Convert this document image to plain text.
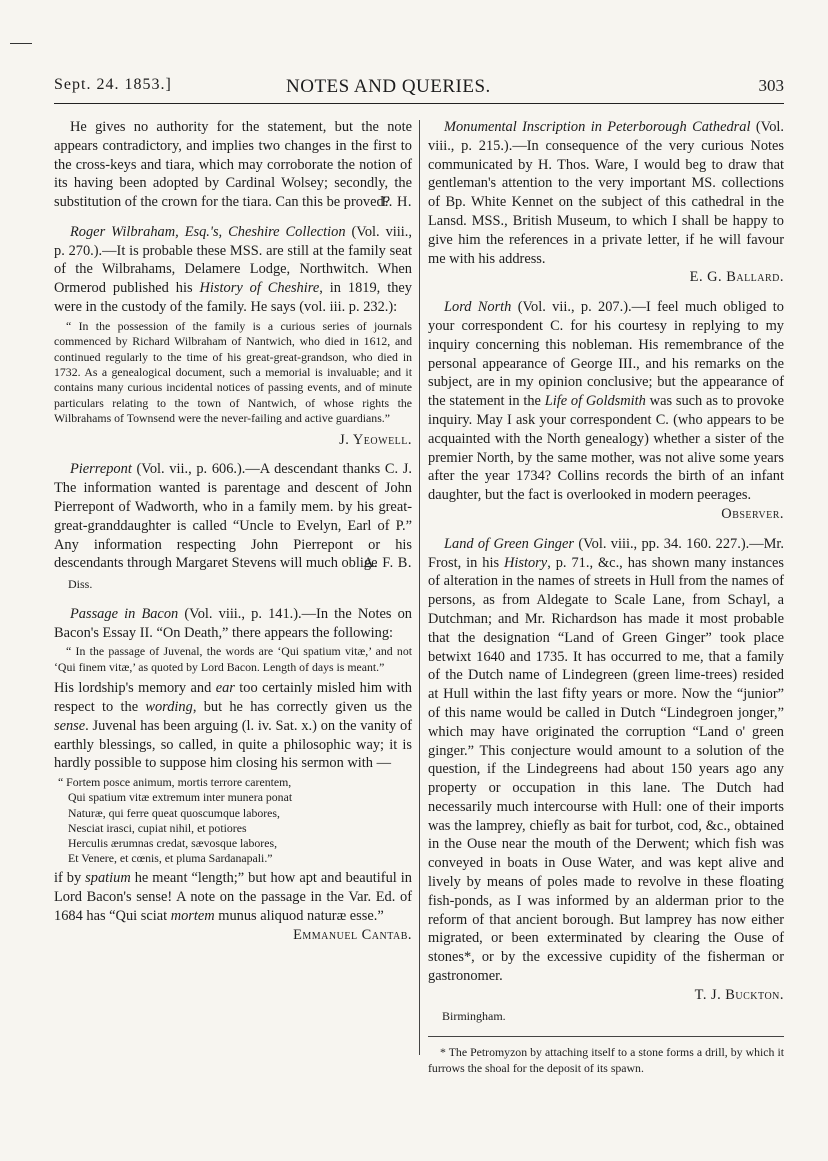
Sept. 24. 1853.]	NOTES AND QUERIES.	303

He gives no authority for the statement, but the note appears contradictory, and implies two changes in the first to the cross-keys and tiara, which may corroborate the notion of its having been adopted by Cardinal Wolsey; secondly, the substitution of the crown for the tiara. Can this be proved?

F. H.

Roger Wilbraham, Esq.'s, Cheshire Collection (Vol. viii., p. 270.).—It is probable these MSS. are still at the family seat of the Wilbrahams, Delamere Lodge, Northwitch. When Ormerod published his History of Cheshire, in 1819, they were in the custody of the family. He says (vol. iii. p. 232.):

“ In the possession of the family is a curious series of journals commenced by Richard Wilbraham of Nantwich, who died in 1612, and continued regularly to the time of his great-great-grandson, who died in 1732. As a genealogical document, such a memorial is invaluable; and it contains many curious incidental notices of passing events, and of minute particulars relating to the town of Nantwich, of whose rights the Wilbrahams of Townsend were the never-failing and active guardians.”

J. Yeowell.

Pierrepont (Vol. vii., p. 606.).—A descendant thanks C. J. The information wanted is parentage and descent of John Pierrepont of Wadworth, who in a family mem. by his great-great-granddaughter is called “Uncle to Evelyn, Earl of P.” Any information respecting John Pierrepont or his descendants through Margaret Stevens will much oblige

A. F. B.
Diss.

Passage in Bacon (Vol. viii., p. 141.).—In the Notes on Bacon's Essay II. “On Death,” there appears the following:

“ In the passage of Juvenal, the words are ‘Qui spatium vitæ,’ and not ‘Qui finem vitæ,’ as quoted by Lord Bacon. Length of days is meant.”

His lordship's memory and ear too certainly misled him with respect to the wording, but he has correctly given us the sense. Juvenal has been arguing (l. iv. Sat. x.) on the vanity of earthly blessings, so called, in quite a philosophic way; it is hardly possible to suppose him closing his sermon with —

“ Fortem posce animum, mortis terrore carentem,
Qui spatium vitæ extremum inter munera ponat
Naturæ, qui ferre queat quoscumque labores,
Nesciat irasci, cupiat nihil, et potiores
Herculis ærumnas credat, sævosque labores,
Et Venere, et cœnis, et pluma Sardanapali.”

if by spatium he meant “length;” but how apt and beautiful in Lord Bacon's sense! A note on the passage in the Var. Ed. of 1684 has “Qui sciat mortem munus aliquod naturæ esse.”

Emmanuel Cantab.

Monumental Inscription in Peterborough Cathedral (Vol. viii., p. 215.).—In consequence of the very curious Notes communicated by H. Thos. Ware, I would beg to draw that gentleman's attention to the very important MS. collections of Bp. White Kennet on the subject of this cathedral in the Lansd. MSS., British Museum, to which I shall be happy to give him the references in a private letter, if he will favour me with his address.

E. G. Ballard.

Lord North (Vol. vii., p. 207.).—I feel much obliged to your correspondent C. for his courtesy in replying to my inquiry concerning this nobleman. His remembrance of the personal appearance of George III., and his remarks on the subject, are in my opinion conclusive; but the appearance of the statement in the Life of Goldsmith was such as to provoke inquiry. May I ask your correspondent C. (who appears to be acquainted with the North genealogy) whether a sister of the premier North, by the same mother, was not alive some years after the year 1734? Collins records the birth of an infant daughter, but the fact is overlooked in modern peerages.

Observer.

Land of Green Ginger (Vol. viii., pp. 34. 160. 227.).—Mr. Frost, in his History, p. 71., &c., has shown many instances of alteration in the names of streets in Hull from the names of persons, as from Aldegate to Scale Lane, from Schayl, a Dutchman; and Mr. Richardson has made it most probable that the designation “Land of Green Ginger” took place betwixt 1640 and 1735. It has occurred to me, that a family of the Dutch name of Lindegreen (green lime-trees) resided at Hull within the last fifty years or more. Now the “junior” of this name would be called in Dutch “Lindegroen jonger,” which may have originated the corruption “Land o' green ginger.” This conjecture would amount to a solution of the question, if the Lindegreens had about 150 years ago any property or occupation in this lane. The Dutch had necessarily much intercourse with Hull: one of their imports was the lamprey, chiefly as bait for turbot, cod, &c., obtained in the Ouse near the mouth of the Derwent; which fish was conveyed in boats in Ouse Water, and was kept alive and lively by means of poles made to revolve in these floating fish-ponds, as I was informed by an alderman prior to the reform of that ancient borough. But lamprey has now either migrated, or been exterminated by clearing the Ouse of stones*, or by the excessive cupidity of the fisherman or gastronomer.

T. J. Buckton.
Birmingham.

* The Petromyzon by attaching itself to a stone forms a drill, by which it furrows the shoal for the deposit of its spawn.
